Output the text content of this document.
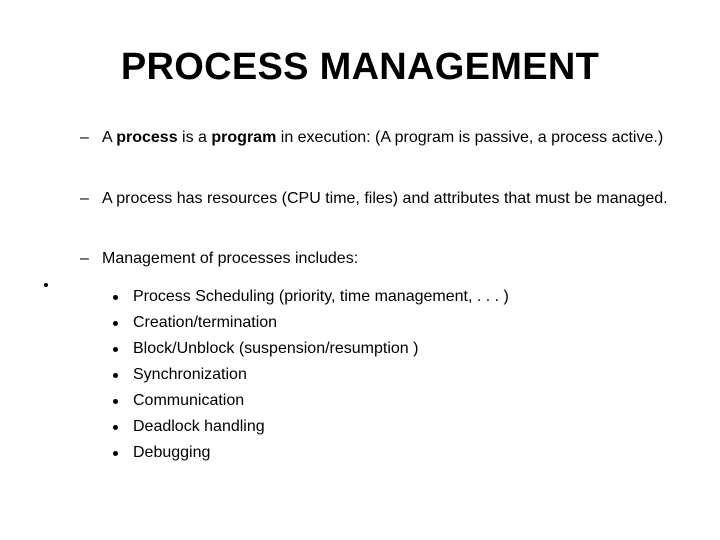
PROCESS MANAGEMENT
– A process is a program in execution: (A program is passive, a process active.)
– A process has resources (CPU time, files) and attributes that must be managed.
– Management of processes includes:
Process Scheduling (priority, time management, . . . )
Creation/termination
Block/Unblock (suspension/resumption )
Synchronization
Communication
Deadlock handling
Debugging
